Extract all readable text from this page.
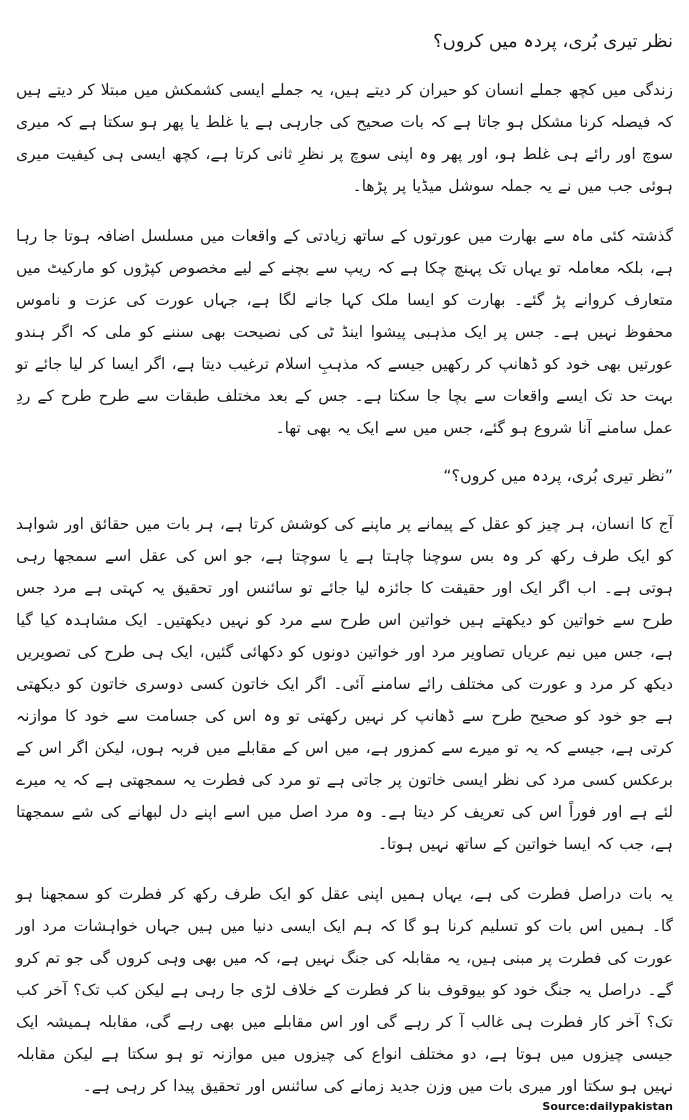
نظر تیری بُری، پردہ میں کروں؟

زندگی میں کچھ جملے انسان کو حیران کر دیتے ہیں، یہ جملے ایسی کشمکش میں مبتلا کر دیتے ہیں کہ فیصلہ کرنا مشکل ہو جاتا ہے کہ بات صحیح کی جارہی ہے یا غلط یا پھر ہو سکتا ہے کہ میری سوچ اور رائے ہی غلط ہو، اور پھر وہ اپنی سوچ پر نظرِ ثانی کرتا ہے، کچھ ایسی ہی کیفیت میری ہوئی جب میں نے یہ جملہ سوشل میڈیا پر پڑھا۔

گذشتہ کئی ماہ سے بھارت میں عورتوں کے ساتھ زیادتی کے واقعات میں مسلسل اضافہ ہوتا جا رہا ہے، بلکہ معاملہ تو یہاں تک پہنچ چکا ہے کہ ریپ سے بچنے کے لیے مخصوص کپڑوں کو مارکیٹ میں متعارف کروانے پڑ گئے۔ بھارت کو ایسا ملک کہا جانے لگا ہے، جہاں عورت کی عزت و ناموس محفوظ نہیں ہے۔ جس پر ایک مذہبی پیشوا اینڈ ٹی کی نصیحت بھی سننے کو ملی کہ اگر ہندو عورتیں بھی خود کو ڈھانپ کر رکھیں جیسے کہ مذہبِ اسلام ترغیب دیتا ہے، اگر ایسا کر لیا جائے تو بہت حد تک ایسے واقعات سے بچا جا سکتا ہے۔ جس کے بعد مختلف طبقات سے طرح طرح کے ردِ عمل سامنے آنا شروع ہو گئے، جس میں سے ایک یہ بھی تھا۔

”نظر تیری بُری، پردہ میں کروں؟“

آج کا انسان، ہر چیز کو عقل کے پیمانے پر ماپنے کی کوشش کرتا ہے، ہر بات میں حقائق اور شواہد کو ایک طرف رکھ کر وہ بس سوچنا چاہتا ہے یا سوچتا ہے، جو اس کی عقل اسے سمجھا رہی ہوتی ہے۔ اب اگر ایک اور حقیقت کا جائزہ لیا جائے تو سائنس اور تحقیق یہ کہتی ہے مرد جس طرح سے خواتین کو دیکھتے ہیں خواتین اس طرح سے مرد کو نہیں دیکھتیں۔ ایک مشاہدہ کیا گیا ہے، جس میں نیم عریاں تصاویر مرد اور خواتین دونوں کو دکھائی گئیں، ایک ہی طرح کی تصویریں دیکھ کر مرد و عورت کی مختلف رائے سامنے آئی۔ اگر ایک خاتون کسی دوسری خاتون کو دیکھتی ہے جو خود کو صحیح طرح سے ڈھانپ کر نہیں رکھتی تو وہ اس کی جسامت سے خود کا موازنہ کرتی ہے، جیسے کہ یہ تو میرے سے کمزور ہے، میں اس کے مقابلے میں فربہ ہوں، لیکن اگر اس کے برعکس کسی مرد کی نظر ایسی خاتون پر جاتی ہے تو مرد کی فطرت یہ سمجھتی ہے کہ یہ میرے لئے ہے اور فوراً اس کی تعریف کر دیتا ہے۔ وہ مرد اصل میں اسے اپنے دل لبھانے کی شے سمجھتا ہے، جب کہ ایسا خواتین کے ساتھ نہیں ہوتا۔

یہ بات دراصل فطرت کی ہے، یہاں ہمیں اپنی عقل کو ایک طرف رکھ کر فطرت کو سمجھنا ہو گا۔ ہمیں اس بات کو تسلیم کرنا ہو گا کہ ہم ایک ایسی دنیا میں ہیں جہاں خواہشات مرد اور عورت کی فطرت پر مبنی ہیں، یہ مقابلہ کی جنگ نہیں ہے، کہ میں بھی وہی کروں گی جو تم کرو گے۔ دراصل یہ جنگ خود کو بیوقوف بنا کر فطرت کے خلاف لڑی جا رہی ہے لیکن کب تک؟ آخر کب تک؟ آخر کار فطرت ہی غالب آ کر رہے گی اور اس مقابلے میں بھی رہے گی، مقابلہ ہمیشہ ایک جیسی چیزوں میں ہوتا ہے، دو مختلف انواع کی چیزوں میں موازنہ تو ہو سکتا ہے لیکن مقابلہ نہیں ہو سکتا اور میری بات میں وزن جدید زمانے کی سائنس اور تحقیق پیدا کر رہی ہے۔

Source:dailypakistan
